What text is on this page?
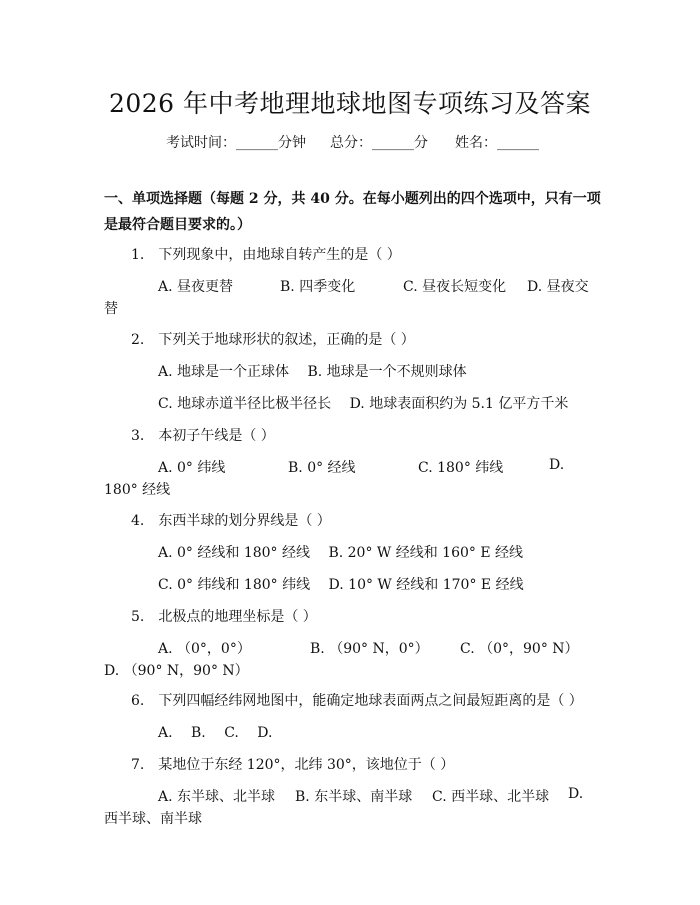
2026 年中考地理地球地图专项练习及答案
考试时间：______分钟 总分：______分 姓名：______
一、单项选择题（每题 2 分，共 40 分。在每小题列出的四个选项中，只有一项是最符合题目要求的。）
1.　下列现象中，由地球自转产生的是（ ）
A. 昼夜更替	B. 四季变化	C. 昼夜长短变化 D. 昼夜交
替
2.　下列关于地球形状的叙述，正确的是（ ）
A. 地球是一个正球体　 B. 地球是一个不规则球体
C. 地球赤道半径比极半径长　 D. 地球表面积约为 5.1 亿平方千米
3.　本初子午线是（ ）
A. 0° 纬线	B. 0° 经线	C. 180° 纬线	D.
180° 经线
4.　东西半球的划分界线是（ ）
A. 0° 经线和 180° 经线　 B. 20° W 经线和 160° E 经线
C. 0° 纬线和 180° 纬线　 D. 10° W 经线和 170° E 经线
5.　北极点的地理坐标是（ ）
A. （0°，0°）	B. （90° N，0°） C. （0°，90° N）
D. （90° N，90° N）
6.　下列四幅经纬网地图中，能确定地球表面两点之间最短距离的是（ ）
A.　 B.　 C.　 D.
7.　某地位于东经 120°，北纬 30°，该地位于（ ）
A. 东半球、北半球 B. 东半球、南半球 C. 西半球、北半球 D.
西半球、南半球
